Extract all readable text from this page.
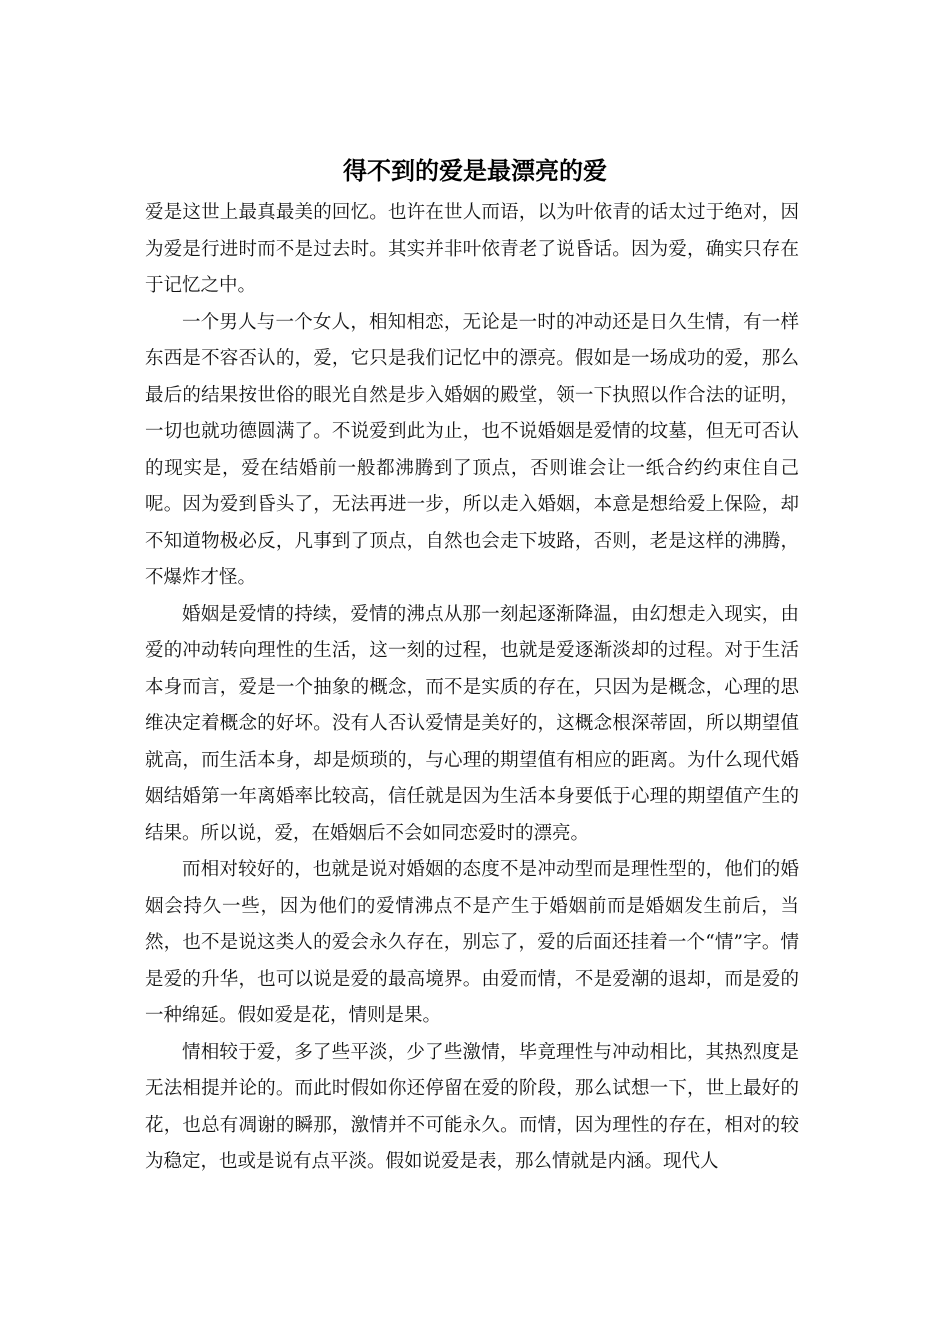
得不到的爱是最漂亮的爱

爱是这世上最真最美的回忆。也许在世人而语，以为叶依青的话太过于绝对，因为爱是行进时而不是过去时。其实并非叶依青老了说昏话。因为爱，确实只存在于记忆之中。

一个男人与一个女人，相知相恋，无论是一时的冲动还是日久生情，有一样东西是不容否认的，爱，它只是我们记忆中的漂亮。假如是一场成功的爱，那么最后的结果按世俗的眼光自然是步入婚姻的殿堂，领一下执照以作合法的证明，一切也就功德圆满了。不说爱到此为止，也不说婚姻是爱情的坟墓，但无可否认的现实是，爱在结婚前一般都沸腾到了顶点，否则谁会让一纸合约约束住自己呢。因为爱到昏头了，无法再进一步，所以走入婚姻，本意是想给爱上保险，却不知道物极必反，凡事到了顶点，自然也会走下坡路，否则，老是这样的沸腾，不爆炸才怪。

婚姻是爱情的持续，爱情的沸点从那一刻起逐渐降温，由幻想走入现实，由爱的冲动转向理性的生活，这一刻的过程，也就是爱逐渐淡却的过程。对于生活本身而言，爱是一个抽象的概念，而不是实质的存在，只因为是概念，心理的思维决定着概念的好坏。没有人否认爱情是美好的，这概念根深蒂固，所以期望值就高，而生活本身，却是烦琐的，与心理的期望值有相应的距离。为什么现代婚姻结婚第一年离婚率比较高，信任就是因为生活本身要低于心理的期望值产生的结果。所以说，爱，在婚姻后不会如同恋爱时的漂亮。

而相对较好的，也就是说对婚姻的态度不是冲动型而是理性型的，他们的婚姻会持久一些，因为他们的爱情沸点不是产生于婚姻前而是婚姻发生前后，当然，也不是说这类人的爱会永久存在，别忘了，爱的后面还挂着一个“情”字。情是爱的升华，也可以说是爱的最高境界。由爱而情，不是爱潮的退却，而是爱的一种绵延。假如爱是花，情则是果。

情相较于爱，多了些平淡，少了些激情，毕竟理性与冲动相比，其热烈度是无法相提并论的。而此时假如你还停留在爱的阶段，那么试想一下，世上最好的花，也总有凋谢的瞬那，激情并不可能永久。而情，因为理性的存在，相对的较为稳定，也或是说有点平淡。假如说爱是表，那么情就是内涵。现代人
